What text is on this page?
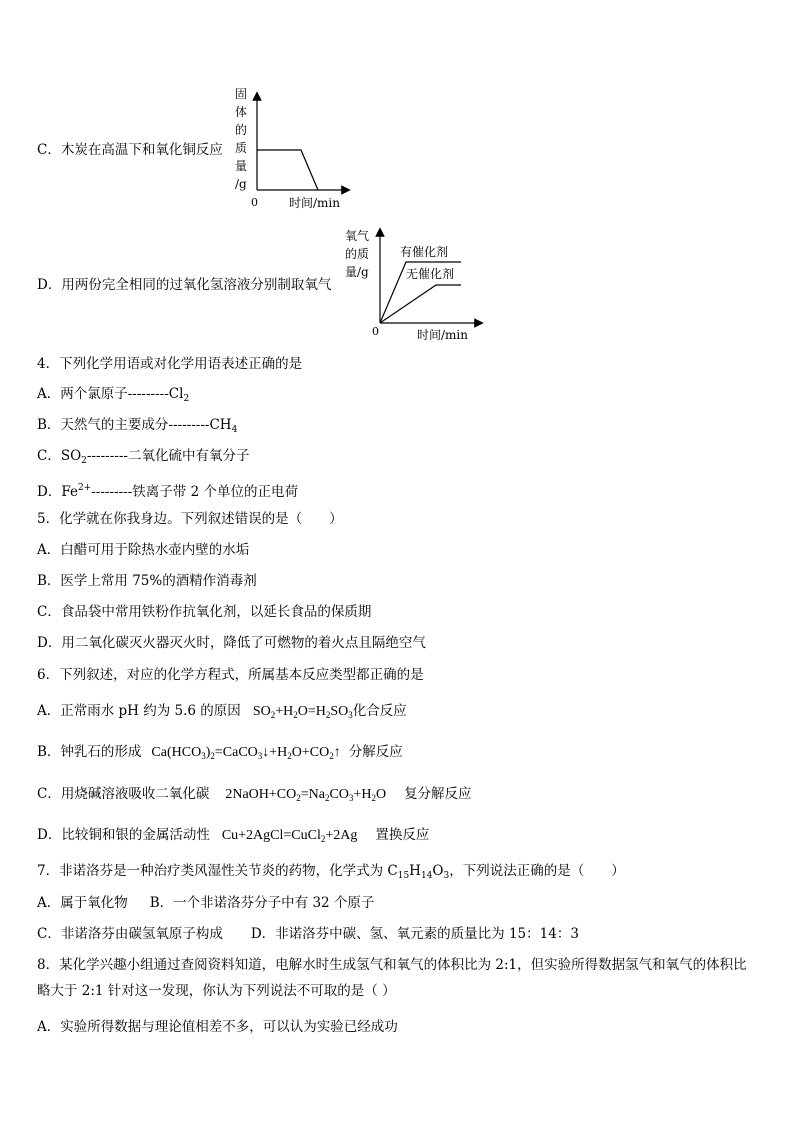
C．木炭在高温下和氧化铜反应
固
体
的
质
量
/g
0	时间/min
D．用两份完全相同的过氧化氢溶液分别制取氧气
氧气
的质
量/g
有催化剂
无催化剂
0	时间/min
4．下列化学用语或对化学用语表述正确的是
A．两个氯原子$---------Cl_2$
B．天然气的主要成分$---------CH_4$
C．$SO_2---------$二氧化硫中有氧分子
D．$Fe^{2+}---------$铁离子带 2 个单位的正电荷
5．化学就在你我身边。下列叙述错误的是（　　）
A．白醋可用于除热水壶内壁的水垢
B．医学上常用 75%的酒精作消毒剂
C．食品袋中常用铁粉作抗氧化剂，以延长食品的保质期
D．用二氧化碳灭火器灭火时，降低了可燃物的着火点且隔绝空气
6．下列叙述，对应的化学方程式，所属基本反应类型都正确的是
A．正常雨水 pH 约为 5.6 的原因 $SO_2+H_2O=H_2SO_3$化合反应
B．钟乳石的形成 $Ca(HCO_3)_2=CaCO_3↓+H_2O+CO_2↑$ 分解反应
C．用烧碱溶液吸收二氧化碳 $2NaOH+CO_2=Na_2CO_3+H_2O$ 复分解反应
D．比较铜和银的金属活动性 Cu+2AgCl=CuCl$_2$+2Ag 置换反应
7．非诺洛芬是一种治疗类风湿性关节炎的药物，化学式为 $C_{15}H_{14}O_3$，下列说法正确的是（　　）
A．属于氧化物 B．一个非诺洛芬分子中有 32 个原子
C．非诺洛芬由碳氢氧原子构成 D．非诺洛芬中碳、氢、氧元素的质量比为 15：14：3
8．某化学兴趣小组通过查阅资料知道，电解水时生成氢气和氧气的体积比为 2:1，但实验所得数据氢气和氧气的体积比略大于 2:1 针对这一发现，你认为下列说法不可取的是（ ）
A．实验所得数据与理论值相差不多，可以认为实验已经成功
